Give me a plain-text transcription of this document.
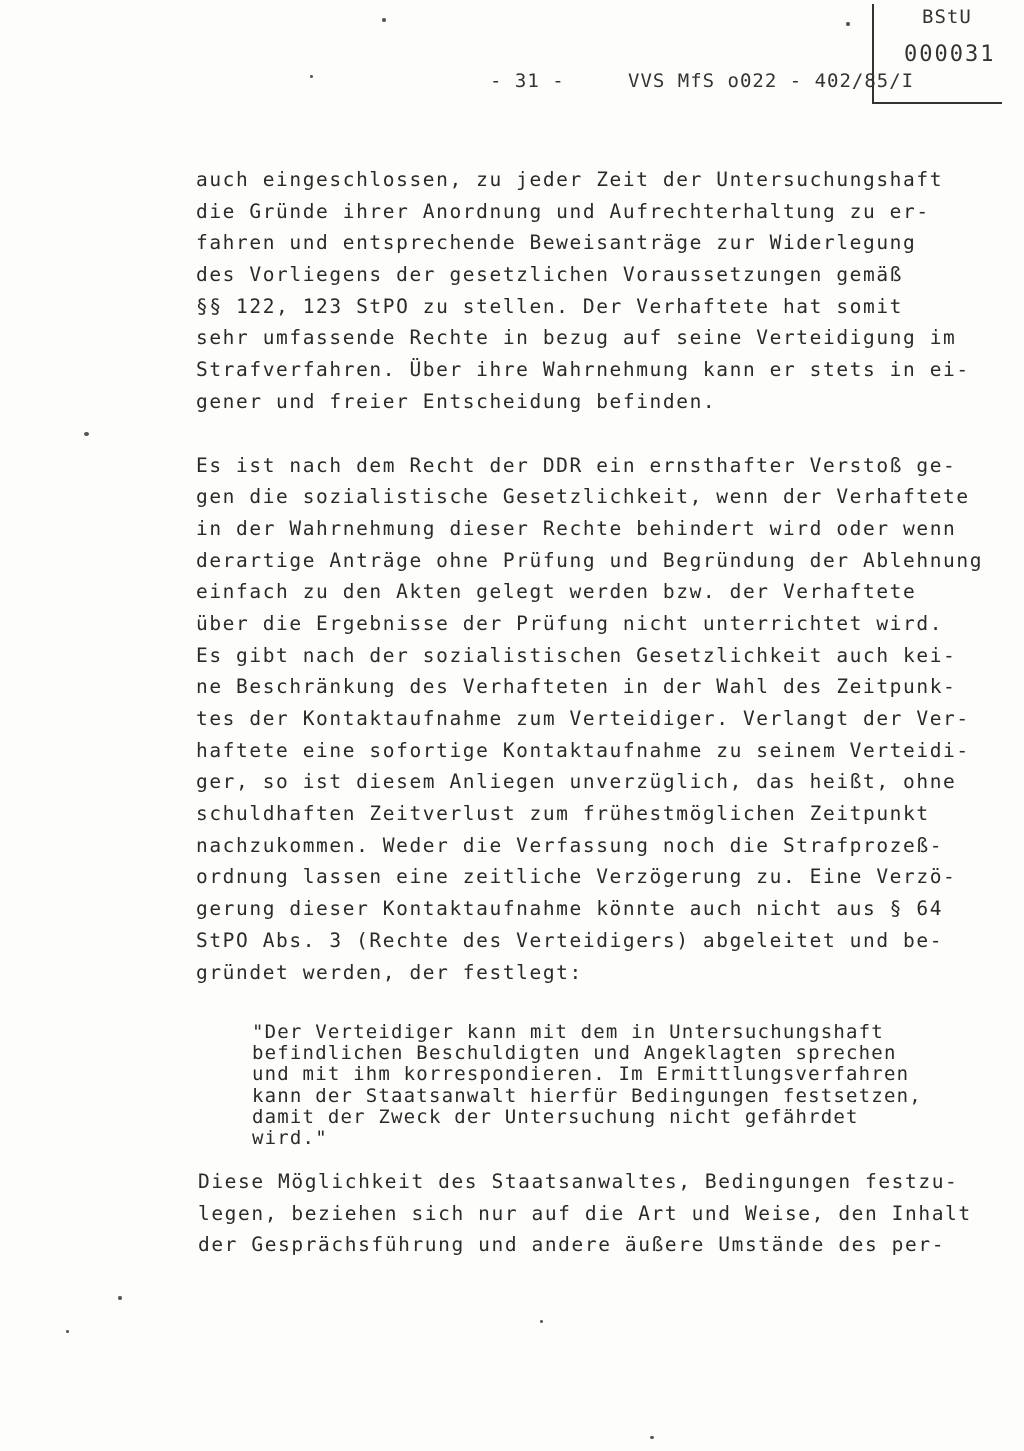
BStU
000031
- 31 -	VVS MfS o022 - 402/85/I
auch eingeschlossen, zu jeder Zeit der Untersuchungshaft
die Gründe ihrer Anordnung und Aufrechterhaltung zu er-
fahren und entsprechende Beweisanträge zur Widerlegung
des Vorliegens der gesetzlichen Voraussetzungen gemäß
§§ 122, 123 StPO zu stellen. Der Verhaftete hat somit
sehr umfassende Rechte in bezug auf seine Verteidigung im
Strafverfahren. Über ihre Wahrnehmung kann er stets in ei-
gener und freier Entscheidung befinden.
Es ist nach dem Recht der DDR ein ernsthafter Verstoß ge-
gen die sozialistische Gesetzlichkeit, wenn der Verhaftete
in der Wahrnehmung dieser Rechte behindert wird oder wenn
derartige Anträge ohne Prüfung und Begründung der Ablehnung
einfach zu den Akten gelegt werden bzw. der Verhaftete
über die Ergebnisse der Prüfung nicht unterrichtet wird.
Es gibt nach der sozialistischen Gesetzlichkeit auch kei-
ne Beschränkung des Verhafteten in der Wahl des Zeitpunk-
tes der Kontaktaufnahme zum Verteidiger. Verlangt der Ver-
haftete eine sofortige Kontaktaufnahme zu seinem Verteidi-
ger, so ist diesem Anliegen unverzüglich, das heißt, ohne
schuldhaften Zeitverlust zum frühestmöglichen Zeitpunkt
nachzukommen. Weder die Verfassung noch die Strafprozeß-
ordnung lassen eine zeitliche Verzögerung zu. Eine Verzö-
gerung dieser Kontaktaufnahme könnte auch nicht aus § 64
StPO Abs. 3 (Rechte des Verteidigers) abgeleitet und be-
gründet werden, der festlegt:
"Der Verteidiger kann mit dem in Untersuchungshaft
befindlichen Beschuldigten und Angeklagten sprechen
und mit ihm korrespondieren. Im Ermittlungsverfahren
kann der Staatsanwalt hierfür Bedingungen festsetzen,
damit der Zweck der Untersuchung nicht gefährdet
wird."
Diese Möglichkeit des Staatsanwaltes, Bedingungen festzu-
legen, beziehen sich nur auf die Art und Weise, den Inhalt
der Gesprächsführung und andere äußere Umstände des per-
